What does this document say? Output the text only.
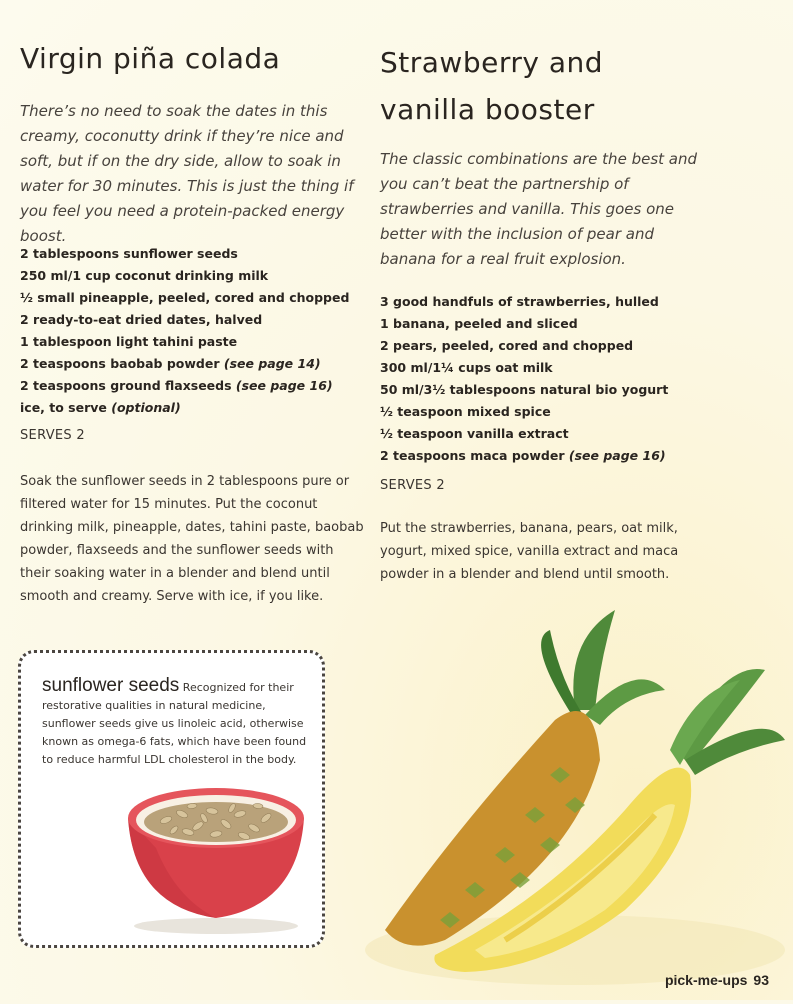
Virgin piña colada

There’s no need to soak the dates in this creamy, coconutty drink if they’re nice and soft, but if on the dry side, allow to soak in water for 30 minutes. This is just the thing if you feel you need a protein-packed energy boost.

2 tablespoons sunflower seeds
250 ml/1 cup coconut drinking milk
½ small pineapple, peeled, cored and chopped
2 ready-to-eat dried dates, halved
1 tablespoon light tahini paste
2 teaspoons baobab powder (see page 14)
2 teaspoons ground flaxseeds (see page 16)
ice, to serve (optional)

SERVES 2

Soak the sunflower seeds in 2 tablespoons pure or filtered water for 15 minutes. Put the coconut drinking milk, pineapple, dates, tahini paste, baobab powder, flaxseeds and the sunflower seeds with their soaking water in a blender and blend until smooth and creamy. Serve with ice, if you like.

Strawberry and
vanilla booster

The classic combinations are the best and you can’t beat the partnership of strawberries and vanilla. This goes one better with the inclusion of pear and banana for a real fruit explosion.

3 good handfuls of strawberries, hulled
1 banana, peeled and sliced
2 pears, peeled, cored and chopped
300 ml/1¼ cups oat milk
50 ml/3½ tablespoons natural bio yogurt
½ teaspoon mixed spice
½ teaspoon vanilla extract
2 teaspoons maca powder (see page 16)

SERVES 2

Put the strawberries, banana, pears, oat milk, yogurt, mixed spice, vanilla extract and maca powder in a blender and blend until smooth.

sunflower seeds Recognized for their restorative qualities in natural medicine, sunflower seeds give us linoleic acid, otherwise known as omega-6 fats, which have been found to reduce harmful LDL cholesterol in the body.

pick-me-ups 93
